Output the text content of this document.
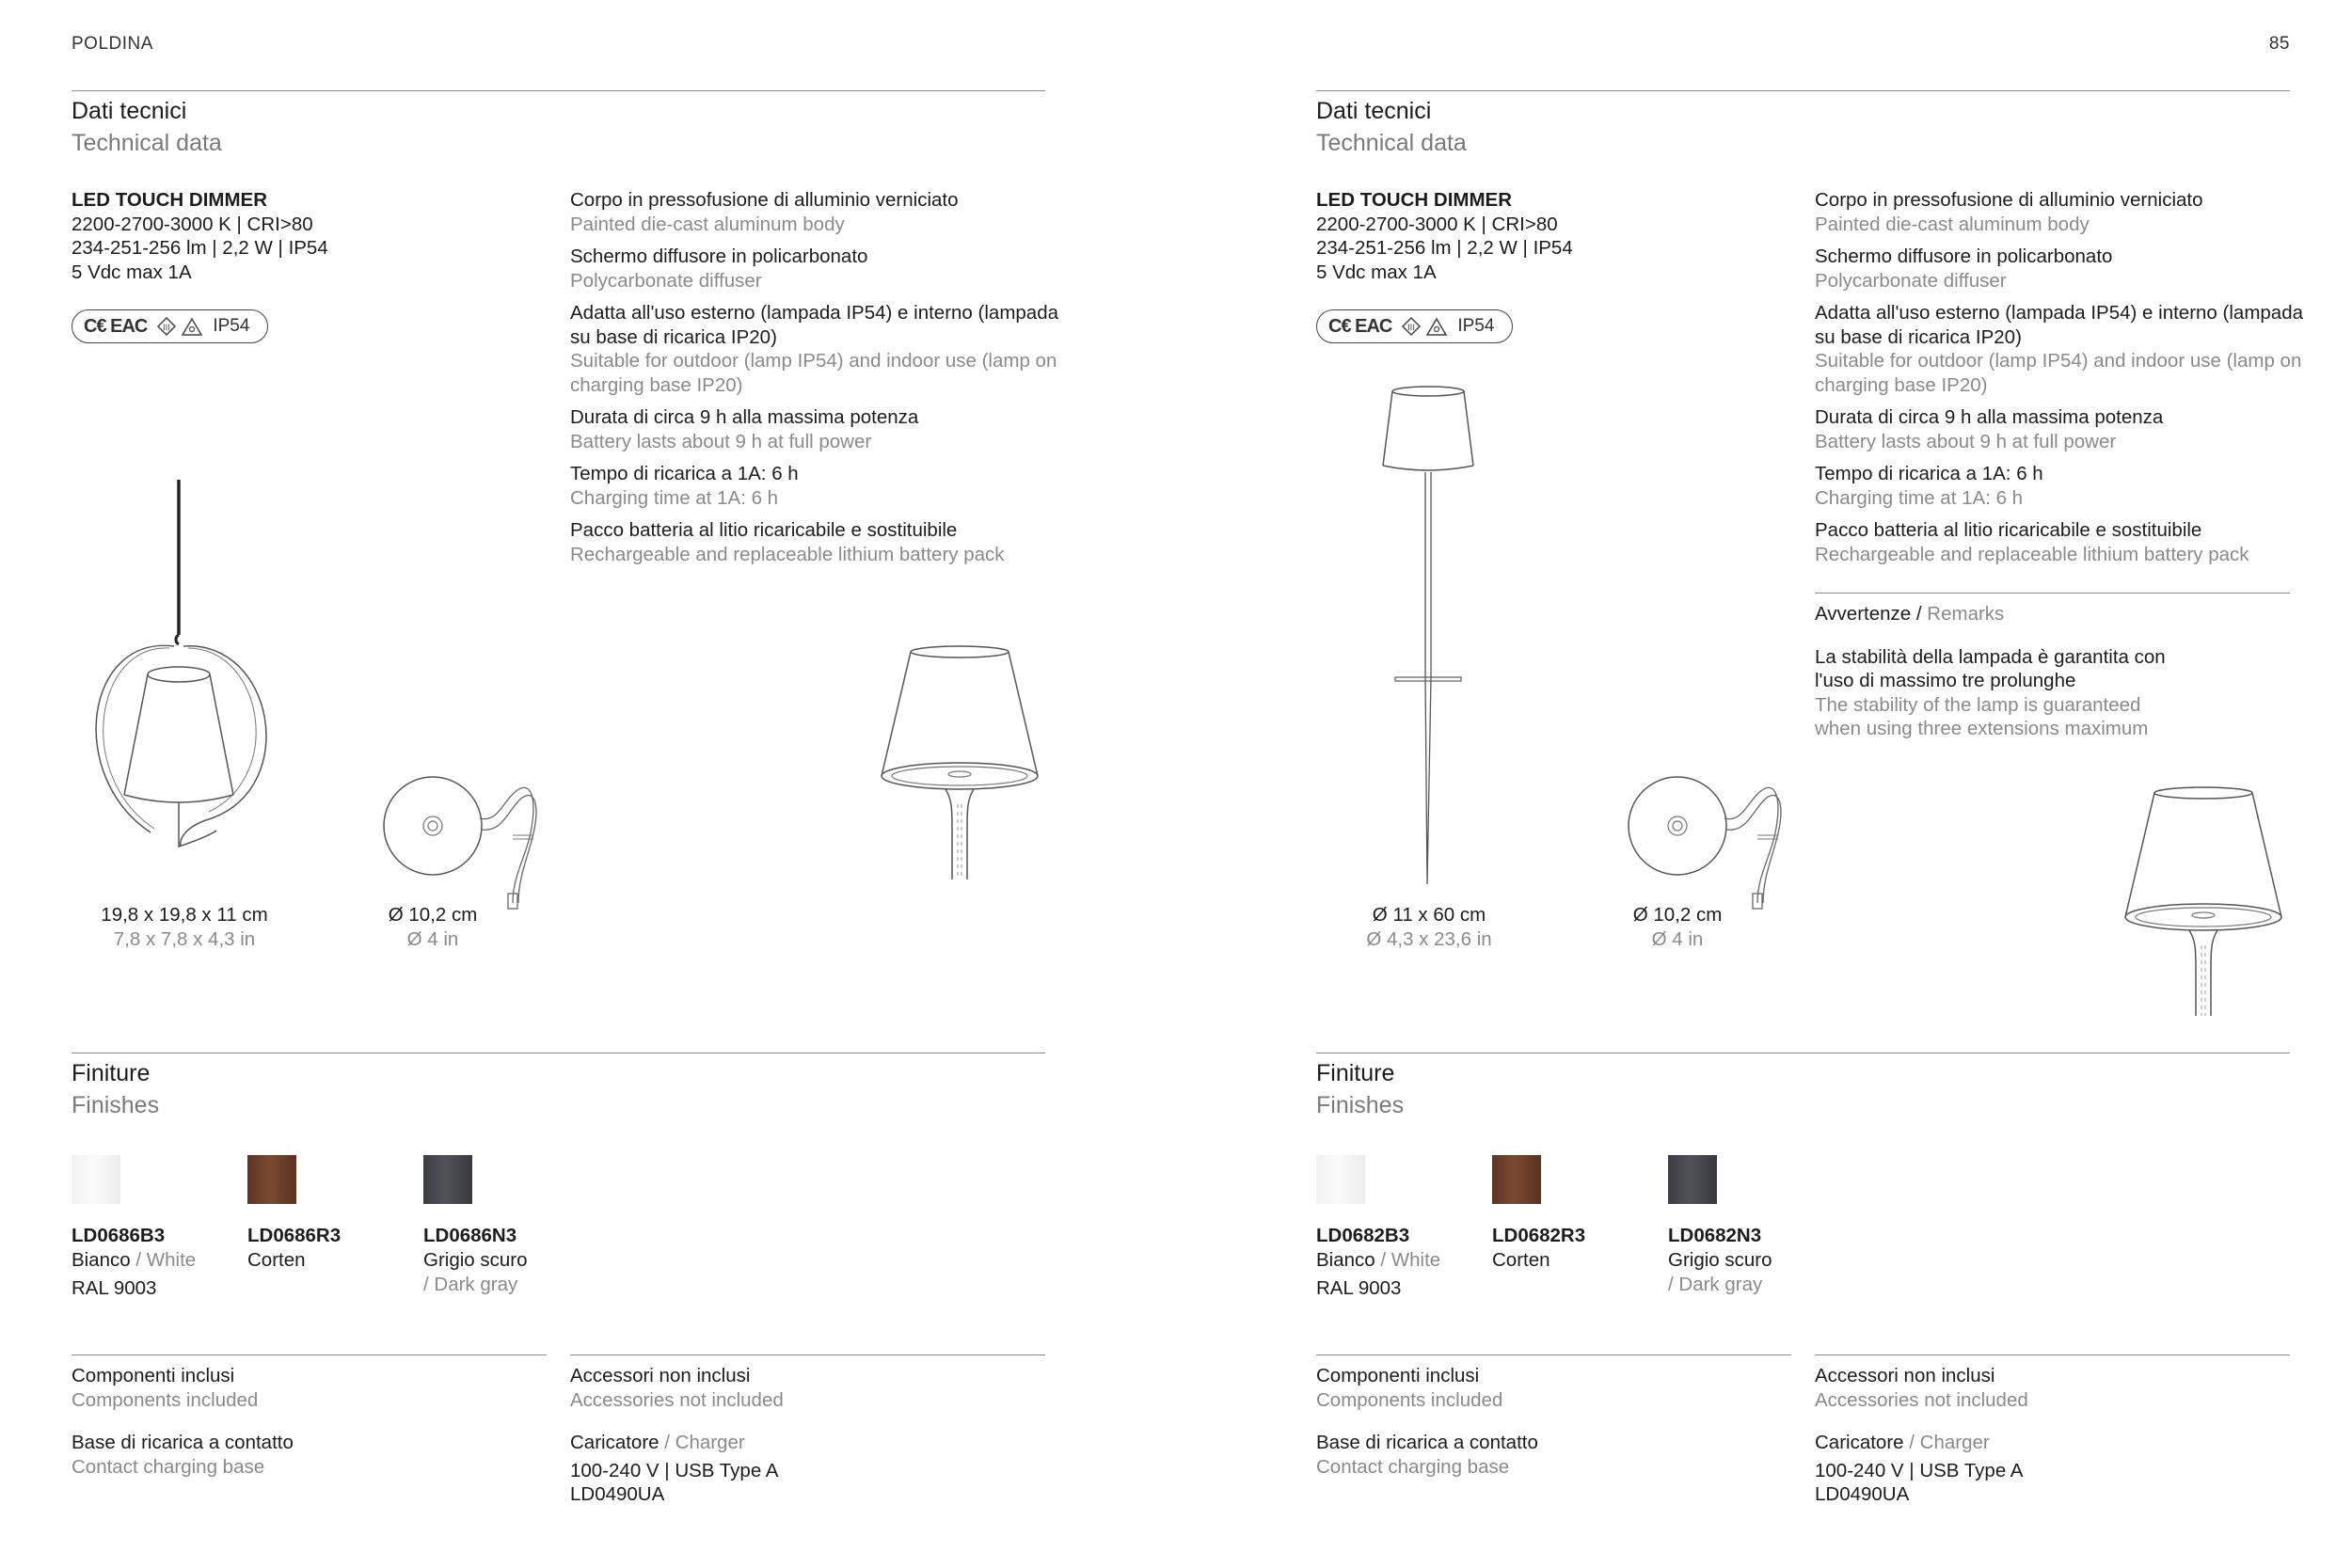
POLDINA	85
Dati tecnici
Technical data

LED TOUCH DIMMER

2200-2700-3000 K | CRI>80

234-251-256 lm | 2,2 W | IP54

5 Vdc max 1A

C€ EAC III IP54

Corpo in pressofusione di alluminio verniciato

Painted die-cast aluminum body

Schermo diffusore in policarbonato

Polycarbonate diffuser

Adatta all'uso esterno (lampada IP54) e interno (lampada su base di ricarica IP20)

Suitable for outdoor (lamp IP54) and indoor use (lamp on charging base IP20)

Durata di circa 9 h alla massima potenza

Battery lasts about 9 h at full power

Tempo di ricarica a 1A: 6 h

Charging time at 1A: 6 h

Pacco batteria al litio ricaricabile e sostituibile

Rechargeable and replaceable lithium battery pack

19,8 x 19,8 x 11 cm
7,8 x 7,8 x 4,3 in
Ø 10,2 cm
Ø 4 in
Finiture
Finishes
LD0686B3
Bianco / White
RAL 9003
LD0686R3
Corten
LD0686N3
Grigio scuro
/ Dark gray
Componenti inclusi
Components included
Base di ricarica a contatto
Contact charging base
Accessori non inclusi
Accessories not included
Caricatore / Charger
100-240 V | USB Type A
LD0490UA
Dati tecnici
Technical data

LED TOUCH DIMMER

2200-2700-3000 K | CRI>80

234-251-256 lm | 2,2 W | IP54

5 Vdc max 1A

C€ EAC III IP54

Corpo in pressofusione di alluminio verniciato

Painted die-cast aluminum body

Schermo diffusore in policarbonato

Polycarbonate diffuser

Adatta all'uso esterno (lampada IP54) e interno (lampada su base di ricarica IP20)

Suitable for outdoor (lamp IP54) and indoor use (lamp on charging base IP20)

Durata di circa 9 h alla massima potenza

Battery lasts about 9 h at full power

Tempo di ricarica a 1A: 6 h

Charging time at 1A: 6 h

Pacco batteria al litio ricaricabile e sostituibile

Rechargeable and replaceable lithium battery pack

Avvertenze / Remarks
La stabilità della lampada è garantita con l'uso di massimo tre prolunghe
The stability of the lamp is guaranteed when using three extensions maximum
Ø 11 x 60 cm
Ø 4,3 x 23,6 in
Ø 10,2 cm
Ø 4 in
Finiture
Finishes
LD0682B3
Bianco / White
RAL 9003
LD0682R3
Corten
LD0682N3
Grigio scuro
/ Dark gray
Componenti inclusi
Components included
Base di ricarica a contatto
Contact charging base
Accessori non inclusi
Accessories not included
Caricatore / Charger
100-240 V | USB Type A
LD0490UA
